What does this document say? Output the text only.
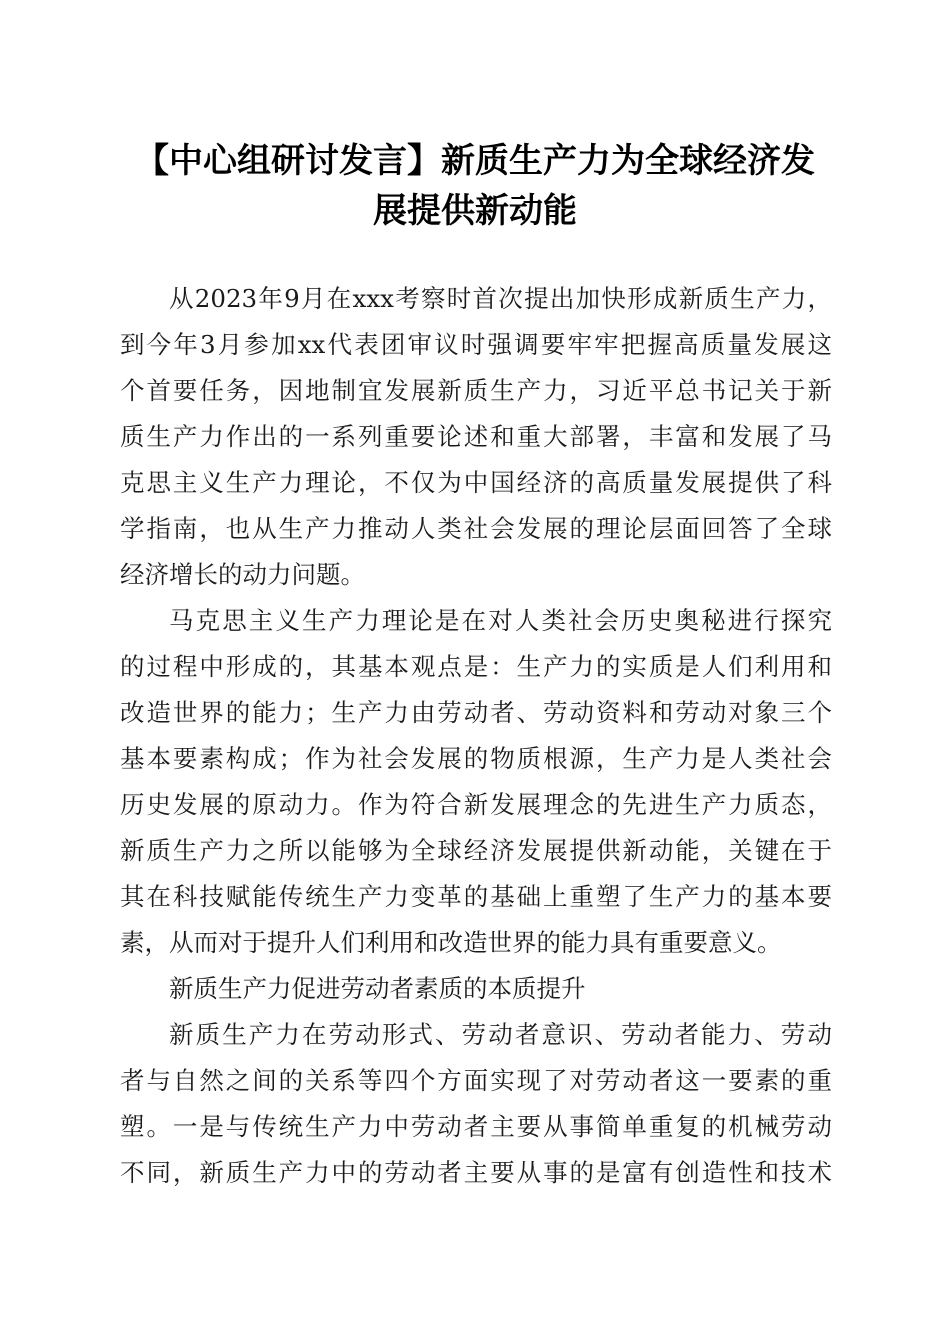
【中心组研讨发言】新质生产力为全球经济发
展提供新动能

从2023年9月在xxx考察时首次提出加快形成新质生产力，
到今年3月参加xx代表团审议时强调要牢牢把握高质量发展这
个首要任务，因地制宜发展新质生产力，习近平总书记关于新
质生产力作出的一系列重要论述和重大部署，丰富和发展了马
克思主义生产力理论，不仅为中国经济的高质量发展提供了科
学指南，也从生产力推动人类社会发展的理论层面回答了全球
经济增长的动力问题。

马克思主义生产力理论是在对人类社会历史奥秘进行探究
的过程中形成的，其基本观点是：生产力的实质是人们利用和
改造世界的能力；生产力由劳动者、劳动资料和劳动对象三个
基本要素构成；作为社会发展的物质根源，生产力是人类社会
历史发展的原动力。作为符合新发展理念的先进生产力质态，
新质生产力之所以能够为全球经济发展提供新动能，关键在于
其在科技赋能传统生产力变革的基础上重塑了生产力的基本要
素，从而对于提升人们利用和改造世界的能力具有重要意义。

新质生产力促进劳动者素质的本质提升

新质生产力在劳动形式、劳动者意识、劳动者能力、劳动
者与自然之间的关系等四个方面实现了对劳动者这一要素的重
塑。一是与传统生产力中劳动者主要从事简单重复的机械劳动
不同，新质生产力中的劳动者主要从事的是富有创造性和技术
